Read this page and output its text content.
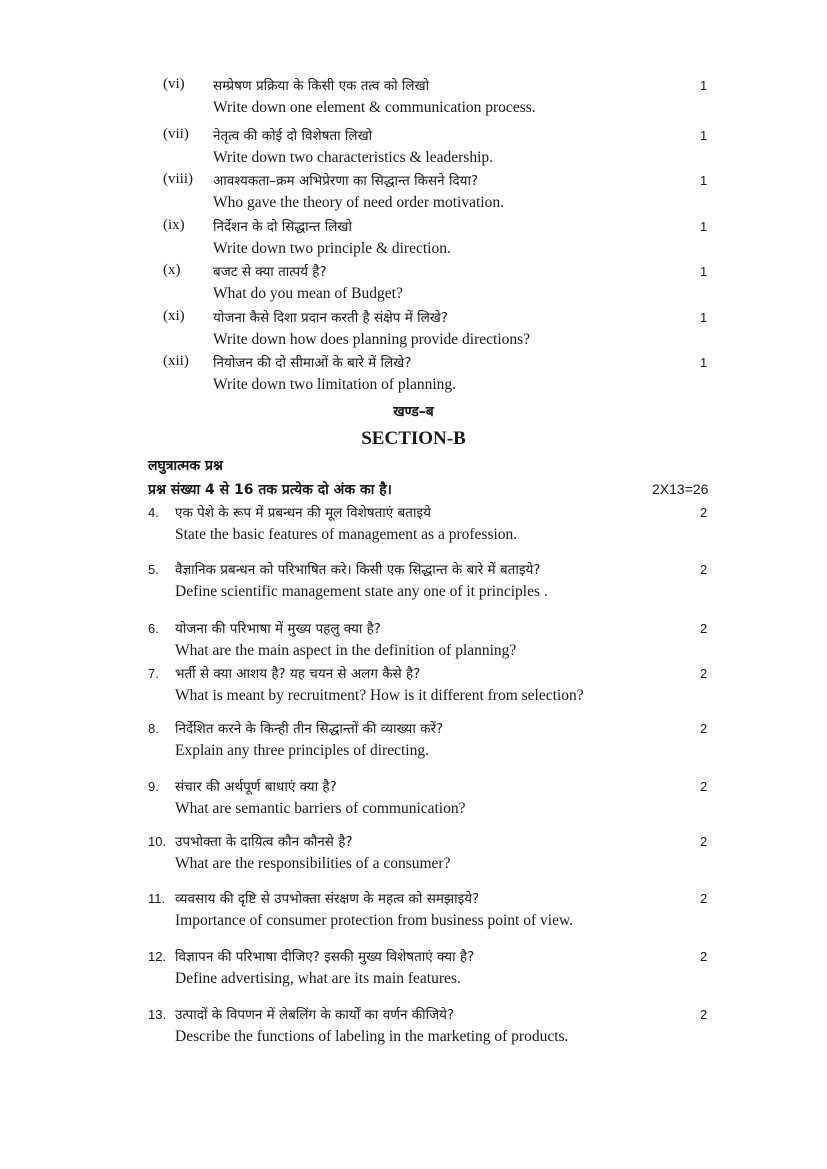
(vi) सम्प्रेषण प्रक्रिया के किसी एक तत्व को लिखो	1
Write down one element & communication process.
(vii) नेतृत्व की कोई दो विशेषता लिखो	1
Write down two characteristics & leadership.
(viii) आवश्यकता–क्रम अभिप्रेरणा का सिद्धान्त किसने दिया?	1
Who gave the theory of need order motivation.
(ix) निर्देशन के दो सिद्धान्त लिखो	1
Write down two principle & direction.
(x) बजट से क्या तात्पर्य है?	1
What do you mean of Budget?
(xi) योजना कैसे दिशा प्रदान करती है संक्षेप में लिखे?	1
Write down how does planning provide directions?
(xii) नियोजन की दो सीमाओं के बारे में लिखे?	1
Write down two limitation of planning.
खण्ड–ब
SECTION-B
लघुत्रात्मक प्रश्न
प्रश्न संख्या 4 से 16 तक प्रत्येक दो अंक का है।	2X13=26
4. एक पेशे के रूप में प्रबन्धन की मूल विशेषताएं बताइये	2
State the basic features of management as a profession.
5. वैज्ञानिक प्रबन्धन को परिभाषित करे। किसी एक सिद्धान्त के बारे में बताइये?	2
Define scientific management state any one of it principles .
6. योजना की परिभाषा में मुख्य पहलु क्या है?	2
What are the main aspect in the definition of planning?
7. भर्ती से क्या आशय है? यह चयन से अलग कैसे है?	2
What is meant by recruitment? How is it different from selection?
8. निर्देशित करने के किन्ही तीन सिद्धान्तों की व्याख्या करें?	2
Explain any three principles of directing.
9. संचार की अर्थपूर्ण बाधाएं क्या है?	2
What are semantic barriers of communication?
10. उपभोक्ता के दायित्व कौन कौनसे है?	2
What are the responsibilities of a consumer?
11. व्यवसाय की दृष्टि से उपभोक्ता संरक्षण के महत्व को समझाइये?	2
Importance of consumer protection from business point of view.
12. विज्ञापन की परिभाषा दीजिए? इसकी मुख्य विशेषताएं क्या है?	2
Define advertising, what are its main features.
13. उत्पादों के विपणन में लेबलिंग के कार्यों का वर्णन कीजिये?	2
Describe the functions of labeling in the marketing of products.
